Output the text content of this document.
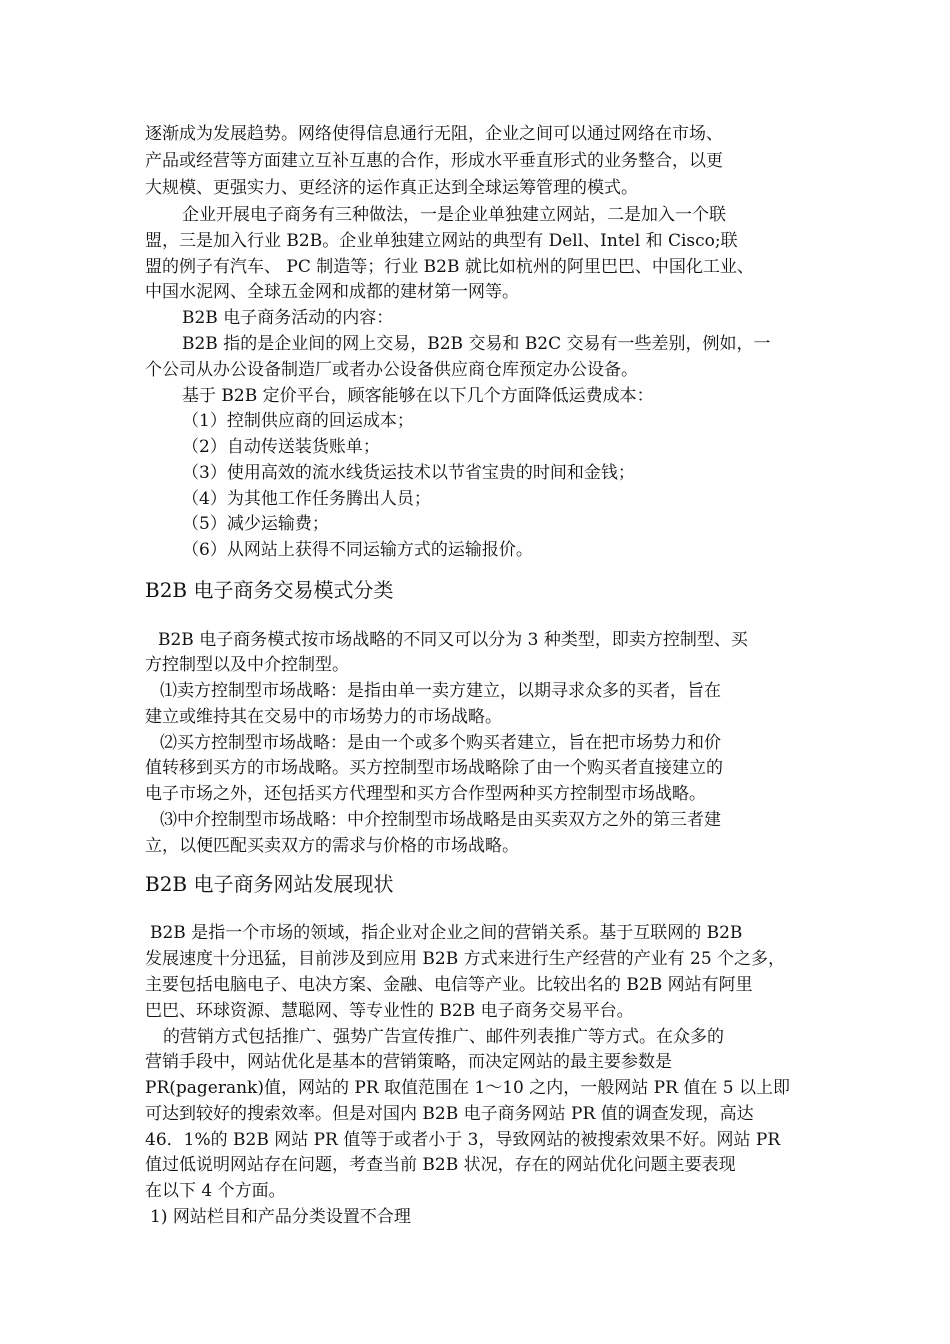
逐渐成为发展趋势。网络使得信息通行无阻，企业之间可以通过网络在市场、
产品或经营等方面建立互补互惠的合作，形成水平垂直形式的业务整合，以更
大规模、更强实力、更经济的运作真正达到全球运筹管理的模式。
企业开展电子商务有三种做法，一是企业单独建立网站，二是加入一个联
盟，三是加入行业 B2B。企业单独建立网站的典型有 Dell、Intel 和 Cisco;联
盟的例子有汽车、 PC 制造等；行业 B2B 就比如杭州的阿里巴巴、中国化工业、
中国水泥网、全球五金网和成都的建材第一网等。
B2B 电子商务活动的内容：
B2B 指的是企业间的网上交易，B2B 交易和 B2C 交易有一些差别，例如，一
个公司从办公设备制造厂或者办公设备供应商仓库预定办公设备。
基于 B2B 定价平台，顾客能够在以下几个方面降低运费成本：
（1）控制供应商的回运成本；
（2）自动传送装货账单；
（3）使用高效的流水线货运技术以节省宝贵的时间和金钱；
（4）为其他工作任务腾出人员；
（5）减少运输费；
（6）从网站上获得不同运输方式的运输报价。
B2B 电子商务交易模式分类
B2B 电子商务模式按市场战略的不同又可以分为 3 种类型，即卖方控制型、买
方控制型以及中介控制型。
⑴卖方控制型市场战略：是指由单一卖方建立，以期寻求众多的买者，旨在
建立或维持其在交易中的市场势力的市场战略。
⑵买方控制型市场战略：是由一个或多个购买者建立，旨在把市场势力和价
值转移到买方的市场战略。买方控制型市场战略除了由一个购买者直接建立的
电子市场之外，还包括买方代理型和买方合作型两种买方控制型市场战略。
⑶中介控制型市场战略：中介控制型市场战略是由买卖双方之外的第三者建
立，以便匹配买卖双方的需求与价格的市场战略。
B2B 电子商务网站发展现状
B2B 是指一个市场的领域，指企业对企业之间的营销关系。基于互联网的 B2B
发展速度十分迅猛，目前涉及到应用 B2B 方式来进行生产经营的产业有 25 个之多，
主要包括电脑电子、电决方案、金融、电信等产业。比较出名的 B2B 网站有阿里
巴巴、环球资源、慧聪网、等专业性的 B2B 电子商务交易平台。
的营销方式包括推广、强势广告宣传推广、邮件列表推广等方式。在众多的
营销手段中，网站优化是基本的营销策略，而决定网站的最主要参数是
PR(pagerank)值，网站的 PR 取值范围在 1～10 之内，一般网站 PR 值在 5 以上即
可达到较好的搜索效率。但是对国内 B2B 电子商务网站 PR 值的调查发现，高达
46．1%的 B2B 网站 PR 值等于或者小于 3，导致网站的被搜索效果不好。网站 PR
值过低说明网站存在问题，考查当前 B2B 状况，存在的网站优化问题主要表现
在以下 4 个方面。
1) 网站栏目和产品分类设置不合理
